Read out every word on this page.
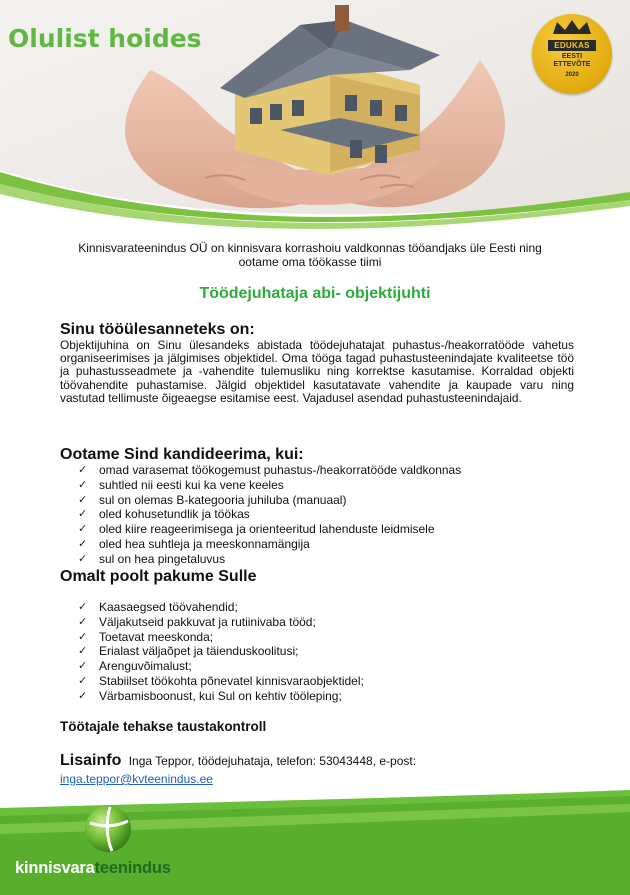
Olulist hoides	EDUKAS
EESTI
ETTEVÕTE
2020

Kinnisvarateenindus OÜ on kinnisvara korrashoiu valdkonnas tööandjaks üle Eesti ning ootame oma töökasse tiimi

Töödejuhataja abi- objektijuhti
Sinu tööülesanneteks on:

Objektijuhina on Sinu ülesandeks abistada töödejuhatajat puhastus-/heakorratööde vahetus organiseerimises ja jälgimises objektidel. Oma tööga tagad puhastusteenindajate kvaliteetse töö ja puhastusseadmete ja -vahendite tulemusliku ning korrektse kasutamise. Korraldad objekti töövahendite puhastamise. Jälgid objektidel kasutatavate vahendite ja kaupade varu ning vastutad tellimuste õigeaegse esitamise eest. Vajadusel asendad puhastusteenindajaid.

Ootame Sind kandideerima, kui:
✓ omad varasemat töökogemust puhastus-/heakorratööde valdkonnas
✓ suhtled nii eesti kui ka vene keeles
✓ sul on olemas B-kategooria juhiluba (manuaal)
✓ oled kohusetundlik ja töökas
✓ oled kiire reageerimisega ja orienteeritud lahenduste leidmisele
✓ oled hea suhtleja ja meeskonnamängija
✓ sul on hea pingetaluvus
Omalt poolt pakume Sulle
✓ Kaasaegsed töövahendid;
✓ Väljakutseid pakkuvat ja rutiinivaba tööd;
✓ Toetavat meeskonda;
✓ Erialast väljaõpet ja täienduskoolitusi;
✓ Arenguvõimalust;
✓ Stabiilset töökohta põnevatel kinnisvaraobjektidel;
✓ Värbamisboonust, kui Sul on kehtiv tööleping;

Töötajale tehakse taustakontroll

Lisainfo Inga Teppor, töödejuhataja, telefon: 53043448, e-post:
inga.teppor@kvteenindus.ee
kinnisvarateenindus
